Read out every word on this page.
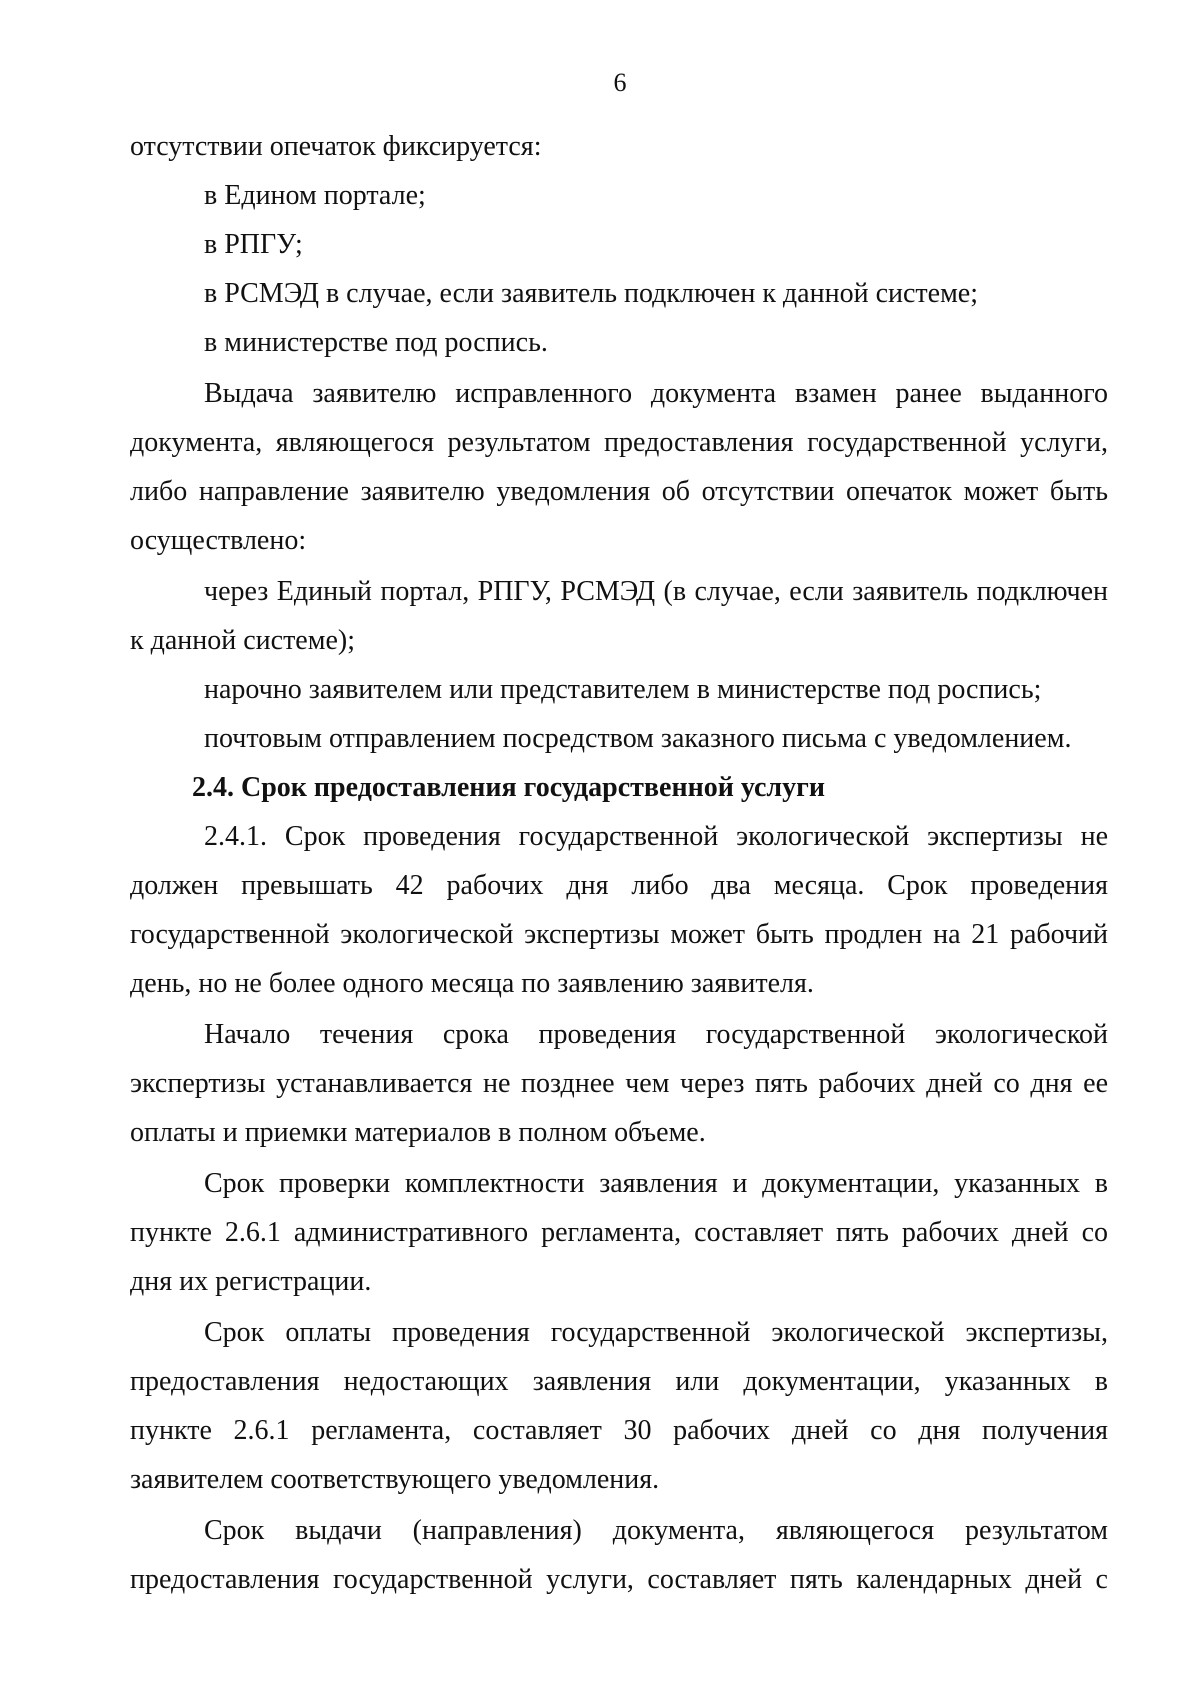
6
отсутствии опечаток фиксируется:
в Едином портале;
в РПГУ;
в РСМЭД в случае, если заявитель подключен к данной системе;
в министерстве под роспись.
Выдача заявителю исправленного документа взамен ранее выданного
документа, являющегося результатом предоставления государственной услуги,
либо направление заявителю уведомления об отсутствии опечаток может быть
осуществлено:
через Единый портал, РПГУ, РСМЭД (в случае, если заявитель подключен
к данной системе);
нарочно заявителем или представителем в министерстве под роспись;
почтовым отправлением посредством заказного письма с уведомлением.
2.4. Срок предоставления государственной услуги
2.4.1. Срок проведения государственной экологической экспертизы не
должен превышать 42 рабочих дня либо два месяца. Срок проведения
государственной экологической экспертизы может быть продлен на 21 рабочий
день, но не более одного месяца по заявлению заявителя.
Начало течения срока проведения государственной экологической
экспертизы устанавливается не позднее чем через пять рабочих дней со дня ее
оплаты и приемки материалов в полном объеме.
Срок проверки комплектности заявления и документации, указанных в
пункте 2.6.1 административного регламента, составляет пять рабочих дней со
дня их регистрации.
Срок оплаты проведения государственной экологической экспертизы,
предоставления недостающих заявления или документации, указанных в
пункте 2.6.1 регламента, составляет 30 рабочих дней со дня получения
заявителем соответствующего уведомления.
Срок выдачи (направления) документа, являющегося результатом
предоставления государственной услуги, составляет пять календарных дней с
